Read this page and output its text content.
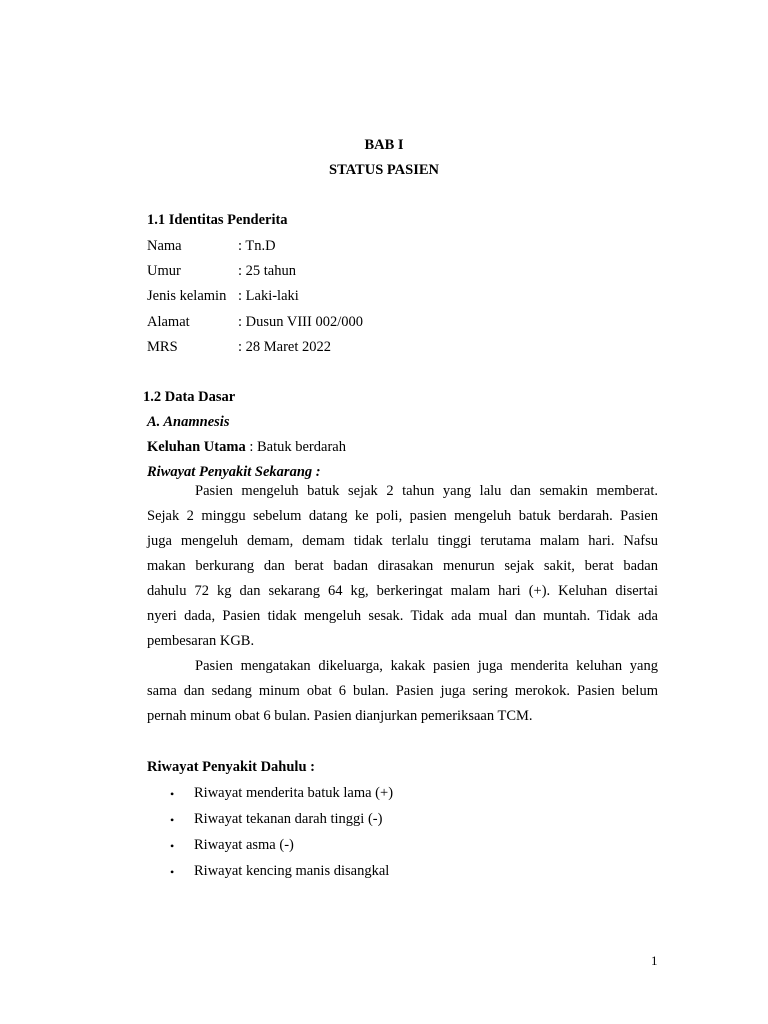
BAB I
STATUS PASIEN
1.1 Identitas Penderita
Nama	: Tn.D
Umur	: 25 tahun
Jenis kelamin : Laki-laki
Alamat	: Dusun VIII 002/000
MRS	: 28 Maret 2022
1.2 Data Dasar
A. Anamnesis
Keluhan Utama : Batuk berdarah
Riwayat Penyakit Sekarang :
Pasien mengeluh batuk sejak 2 tahun yang lalu dan semakin memberat.
Sejak 2 minggu sebelum datang ke poli, pasien mengeluh batuk berdarah. Pasien
juga mengeluh demam, demam tidak terlalu tinggi terutama malam hari. Nafsu
makan berkurang dan berat badan dirasakan menurun sejak sakit, berat badan
dahulu 72 kg dan sekarang 64 kg, berkeringat malam hari (+). Keluhan disertai
nyeri dada, Pasien tidak mengeluh sesak. Tidak ada mual dan muntah. Tidak ada
pembesaran KGB.
Pasien mengatakan dikeluarga, kakak pasien juga menderita keluhan yang
sama dan sedang minum obat 6 bulan. Pasien juga sering merokok. Pasien belum
pernah minum obat 6 bulan. Pasien dianjurkan pemeriksaan TCM.
Riwayat Penyakit Dahulu :
• Riwayat menderita batuk lama (+)
• Riwayat tekanan darah tinggi (-)
• Riwayat asma (-)
• Riwayat kencing manis disangkal
1
